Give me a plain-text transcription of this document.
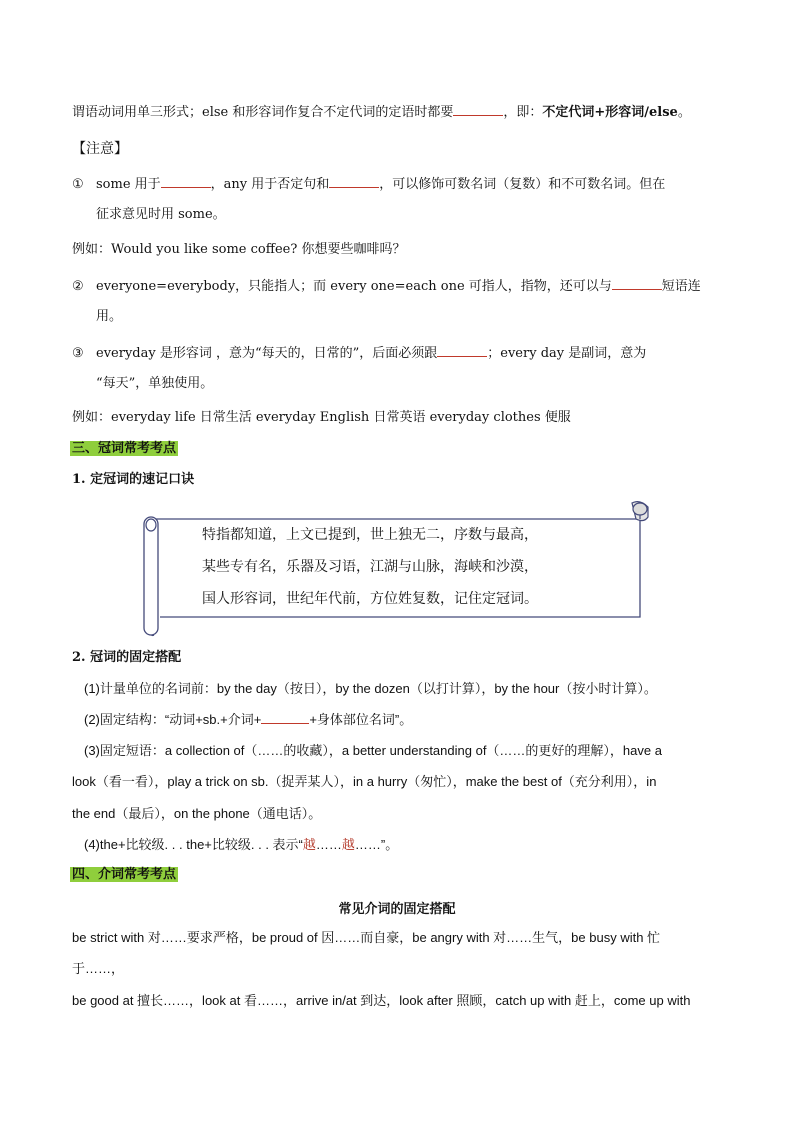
谓语动词用单三形式；else 和形容词作复合不定代词的定语时都要	，即：不定代词+形容词/else。
【注意】
① some 用于	，any 用于否定句和	，可以修饰可数名词（复数）和不可数名词。但在
征求意见时用 some。
例如：Would you like some coffee? 你想要些咖啡吗？
② everyone=everybody，只能指人；而 every one=each one 可指人，指物，还可以与	短语连
用。
③ everyday 是形容词 ，意为“每天的，日常的”，后面必须跟	；every day 是副词，意为
“每天”，单独使用。
例如：everyday life 日常生活 everyday English 日常英语 everyday clothes 便服
三、冠词常考考点
1. 定冠词的速记口诀
特指都知道，上文已提到，世上独无二，序数与最高，
某些专有名，乐器及习语，江湖与山脉，海峡和沙漠，
国人形容词，世纪年代前，方位姓复数，记住定冠词。
2. 冠词的固定搭配
(1)计量单位的名词前：by the day（按日），by the dozen（以打计算），by the hour（按小时计算）。
(2)固定结构：“动词+sb.+介词+	+身体部位名词”。
(3)固定短语：a collection of（……的收藏），a better understanding of（……的更好的理解），have a
look（看一看），play a trick on sb.（捉弄某人），in a hurry（匆忙），make the best of（充分利用），in
the end（最后），on the phone（通电话）。
(4)the+比较级. . . the+比较级. . . 表示“越……越……”。
四、介词常考考点
常见介词的固定搭配
be strict with 对……要求严格，be proud of 因……而自豪，be angry with 对……生气，be busy with 忙
于……，
be good at 擅长……，look at 看……，arrive in/at 到达，look after 照顾，catch up with 赶上，come up with
